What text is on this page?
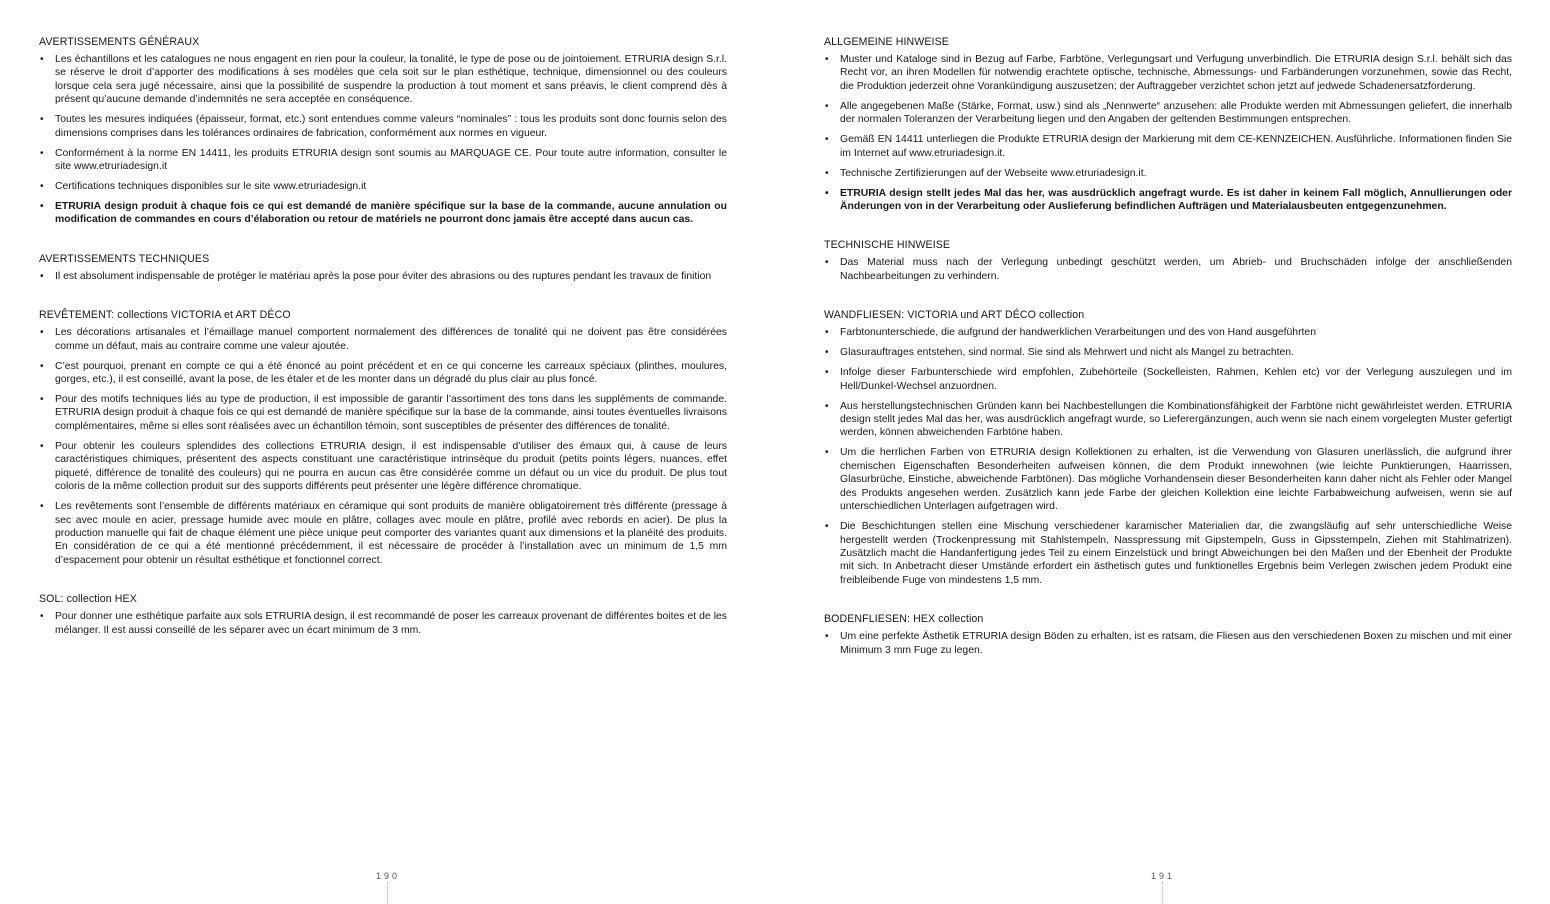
AVERTISSEMENTS GÉNÉRAUX
• Les échantillons et les catalogues ne nous engagent en rien pour la couleur, la tonalité, le type de pose ou de jointoiement. ETRURIA design S.r.l. se réserve le droit d’apporter des modifications à ses modèles que cela soit sur le plan esthétique, technique, dimensionnel ou des couleurs lorsque cela sera jugé nécessaire, ainsi que la possibilité de suspendre la production à tout moment et sans préavis, le client comprend dès à présent qu’aucune demande d’indemnités ne sera acceptée en conséquence.
• Toutes les mesures indiquées (épaisseur, format, etc.) sont entendues comme valeurs “nominales” : tous les produits sont donc fournis selon des dimensions comprises dans les tolérances ordinaires de fabrication, conformément aux normes en vigueur.
• Conformément à la norme EN 14411, les produits ETRURIA design sont soumis au MARQUAGE CE. Pour toute autre information, consulter le site www.etruriadesign.it
• Certifications techniques disponibles sur le site www.etruriadesign.it
• ETRURIA design produit à chaque fois ce qui est demandé de manière spécifique sur la base de la commande, aucune annulation ou modification de commandes en cours d’élaboration ou retour de matériels ne pourront donc jamais être accepté dans aucun cas.
AVERTISSEMENTS TECHNIQUES
• Il est absolument indispensable de protéger le matériau après la pose pour éviter des abrasions ou des ruptures pendant les travaux de finition
REVÊTEMENT: collections VICTORIA et ART DÉCO
• Les décorations artisanales et l’émaillage manuel comportent normalement des différences de tonalité qui ne doivent pas être considérées comme un défaut, mais au contraire comme une valeur ajoutée.
• C’est pourquoi, prenant en compte ce qui a été énoncé au point précédent et en ce qui concerne les carreaux spéciaux (plinthes, moulures, gorges, etc.), il est conseillé, avant la pose, de les étaler et de les monter dans un dégradé du plus clair au plus foncé.
• Pour des motifs techniques liés au type de production, il est impossible de garantir l’assortiment des tons dans les suppléments de commande. ETRURIA design produit à chaque fois ce qui est demandé de manière spécifique sur la base de la commande, ainsi toutes éventuelles livraisons complémentaires, même si elles sont réalisées avec un échantillon témoin, sont susceptibles de présenter des différences de tonalité.
• Pour obtenir les couleurs splendides des collections ETRURIA design, il est indispensable d’utiliser des émaux qui, à cause de leurs caractéristiques chimiques, présentent des aspects constituant une caractéristique intrinsèque du produit (petits points légers, nuances, effet piqueté, différence de tonalité des couleurs) qui ne pourra en aucun cas être considérée comme un défaut ou un vice du produit. De plus tout coloris de la même collection produit sur des supports différents peut présenter une légère différence chromatique.
• Les revêtements sont l’ensemble de différents matériaux en céramique qui sont produits de manière obligatoirement très différente (pressage à sec avec moule en acier, pressage humide avec moule en plâtre, collages avec moule en plâtre, profilé avec rebords en acier). De plus la production manuelle qui fait de chaque élément une pièce unique peut comporter des variantes quant aux dimensions et la planéité des produits. En considération de ce qui a été mentionné précédemment, il est nécessaire de procéder à l’installation avec un minimum de 1,5 mm d’espacement pour obtenir un résultat esthétique et fonctionnel correct.
SOL: collection HEX
• Pour donner une esthétique parfaite aux sols ETRURIA design, il est recommandé de poser les carreaux provenant de différentes boites et de les mélanger. Il est aussi conseillé de les séparer avec un écart minimum de 3 mm.
190
ALLGEMEINE HINWEISE
• Muster und Kataloge sind in Bezug auf Farbe, Farbtöne, Verlegungsart und Verfugung unverbindlich. Die ETRURIA design S.r.l. behält sich das Recht vor, an ihren Modellen für notwendig erachtete optische, technische, Abmessungs- und Farbänderungen vorzunehmen, sowie das Recht, die Produktion jederzeit ohne Vorankündigung auszusetzen; der Auftraggeber verzichtet schon jetzt auf jedwede Schadenersatzforderung.
• Alle angegebenen Maße (Stärke, Format, usw.) sind als „Nennwerte“ anzusehen: alle Produkte werden mit Abmessungen geliefert, die innerhalb der normalen Toleranzen der Verarbeitung liegen und den Angaben der geltenden Bestimmungen entsprechen.
• Gemäß EN 14411 unterliegen die Produkte ETRURIA design der Markierung mit dem CE-KENNZEICHEN. Ausführliche. Informationen finden Sie im Internet auf www.etruriadesign.it.
• Technische Zertifizierungen auf der Webseite www.etruriadesign.it.
• ETRURIA design stellt jedes Mal das her, was ausdrücklich angefragt wurde. Es ist daher in keinem Fall möglich, Annullierungen oder Änderungen von in der Verarbeitung oder Auslieferung befindlichen Aufträgen und Materialausbeuten entgegenzunehmen.
TECHNISCHE HINWEISE
• Das Material muss nach der Verlegung unbedingt geschützt werden, um Abrieb- und Bruchschäden infolge der anschließenden Nachbearbeitungen zu verhindern.
WANDFLIESEN: VICTORIA und ART DÉCO collection
• Farbtonunterschiede, die aufgrund der handwerklichen Verarbeitungen und des von Hand ausgeführten
• Glasurauftrages entstehen, sind normal. Sie sind als Mehrwert und nicht als Mangel zu betrachten.
• Infolge dieser Farbunterschiede wird empfohlen, Zubehörteile (Sockelleisten, Rahmen, Kehlen etc) vor der Verlegung auszulegen und im Hell/Dunkel-Wechsel anzuordnen.
• Aus herstellungstechnischen Gründen kann bei Nachbestellungen die Kombinationsfähigkeit der Farbtöne nicht gewährleistet werden. ETRURIA design stellt jedes Mal das her, was ausdrücklich angefragt wurde, so Lieferergänzungen, auch wenn sie nach einem vorgelegten Muster gefertigt werden, können abweichenden Farbtöne haben.
• Um die herrlichen Farben von ETRURIA design Kollektionen zu erhalten, ist die Verwendung von Glasuren unerlässlich, die aufgrund ihrer chemischen Eigenschaften Besonderheiten aufweisen können, die dem Produkt innewohnen (wie leichte Punktierungen, Haarrissen, Glasurbrüche, Einstiche, abweichende Farbtönen). Das mögliche Vorhandensein dieser Besonderheiten kann daher nicht als Fehler oder Mangel des Produkts angesehen werden. Zusätzlich kann jede Farbe der gleichen Kollektion eine leichte Farbabweichung aufweisen, wenn sie auf unterschiedlichen Unterlagen aufgetragen wird.
• Die Beschichtungen stellen eine Mischung verschiedener karamischer Materialien dar, die zwangsläufig auf sehr unterschiedliche Weise hergestellt werden (Trockenpressung mit Stahlstempeln, Nasspressung mit Gipstempeln, Guss in Gipsstempeln, Ziehen mit Stahlmatrizen). Zusätzlich macht die Handanfertigung jedes Teil zu einem Einzelstück und bringt Abweichungen bei den Maßen und der Ebenheit der Produkte mit sich. In Anbetracht dieser Umstände erfordert ein ästhetisch gutes und funktionelles Ergebnis beim Verlegen zwischen jedem Produkt eine freibleibende Fuge von mindestens 1,5 mm.
BODENFLIESEN: HEX collection
• Um eine perfekte Ästhetik ETRURIA design Böden zu erhalten, ist es ratsam, die Fliesen aus den verschiedenen Boxen zu mischen und mit einer Minimum 3 mm Fuge zu legen.
191
